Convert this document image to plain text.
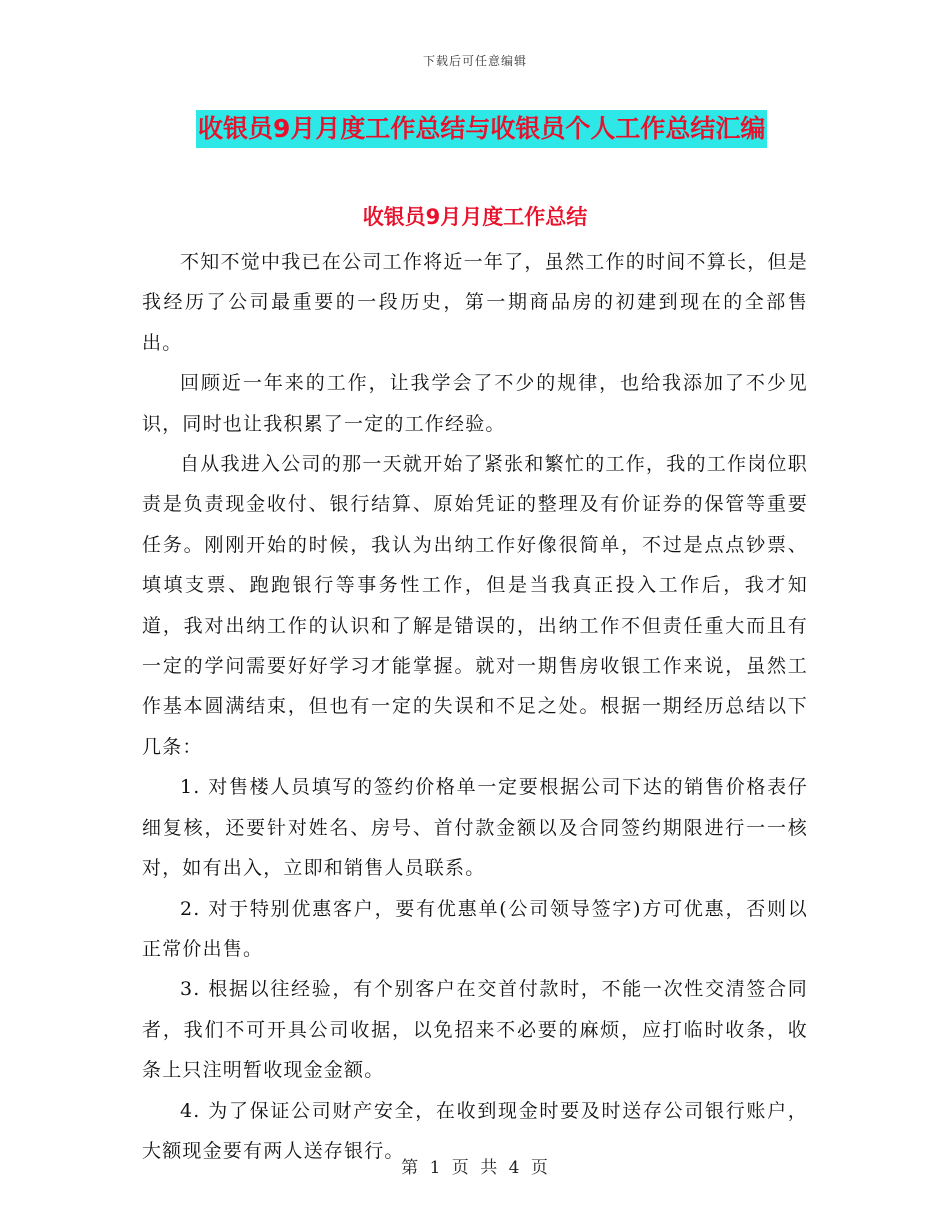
下载后可任意编辑
收银员9月月度工作总结与收银员个人工作总结汇编
收银员9月月度工作总结

不知不觉中我已在公司工作将近一年了，虽然工作的时间不算长，但是我经历了公司最重要的一段历史，第一期商品房的初建到现在的全部售出。

回顾近一年来的工作，让我学会了不少的规律，也给我添加了不少见识，同时也让我积累了一定的工作经验。

自从我进入公司的那一天就开始了紧张和繁忙的工作，我的工作岗位职责是负责现金收付、银行结算、原始凭证的整理及有价证券的保管等重要任务。刚刚开始的时候，我认为出纳工作好像很简单，不过是点点钞票、填填支票、跑跑银行等事务性工作，但是当我真正投入工作后，我才知道，我对出纳工作的认识和了解是错误的，出纳工作不但责任重大而且有一定的学问需要好好学习才能掌握。就对一期售房收银工作来说，虽然工作基本圆满结束，但也有一定的失误和不足之处。根据一期经历总结以下几条：

1. 对售楼人员填写的签约价格单一定要根据公司下达的销售价格表仔细复核，还要针对姓名、房号、首付款金额以及合同签约期限进行一一核对，如有出入，立即和销售人员联系。

2. 对于特别优惠客户，要有优惠单(公司领导签字)方可优惠，否则以正常价出售。

3. 根据以往经验，有个别客户在交首付款时，不能一次性交清签合同者，我们不可开具公司收据，以免招来不必要的麻烦，应打临时收条，收条上只注明暂收现金金额。

4. 为了保证公司财产安全，在收到现金时要及时送存公司银行账户，大额现金要有两人送存银行。

第 1 页 共 4 页
